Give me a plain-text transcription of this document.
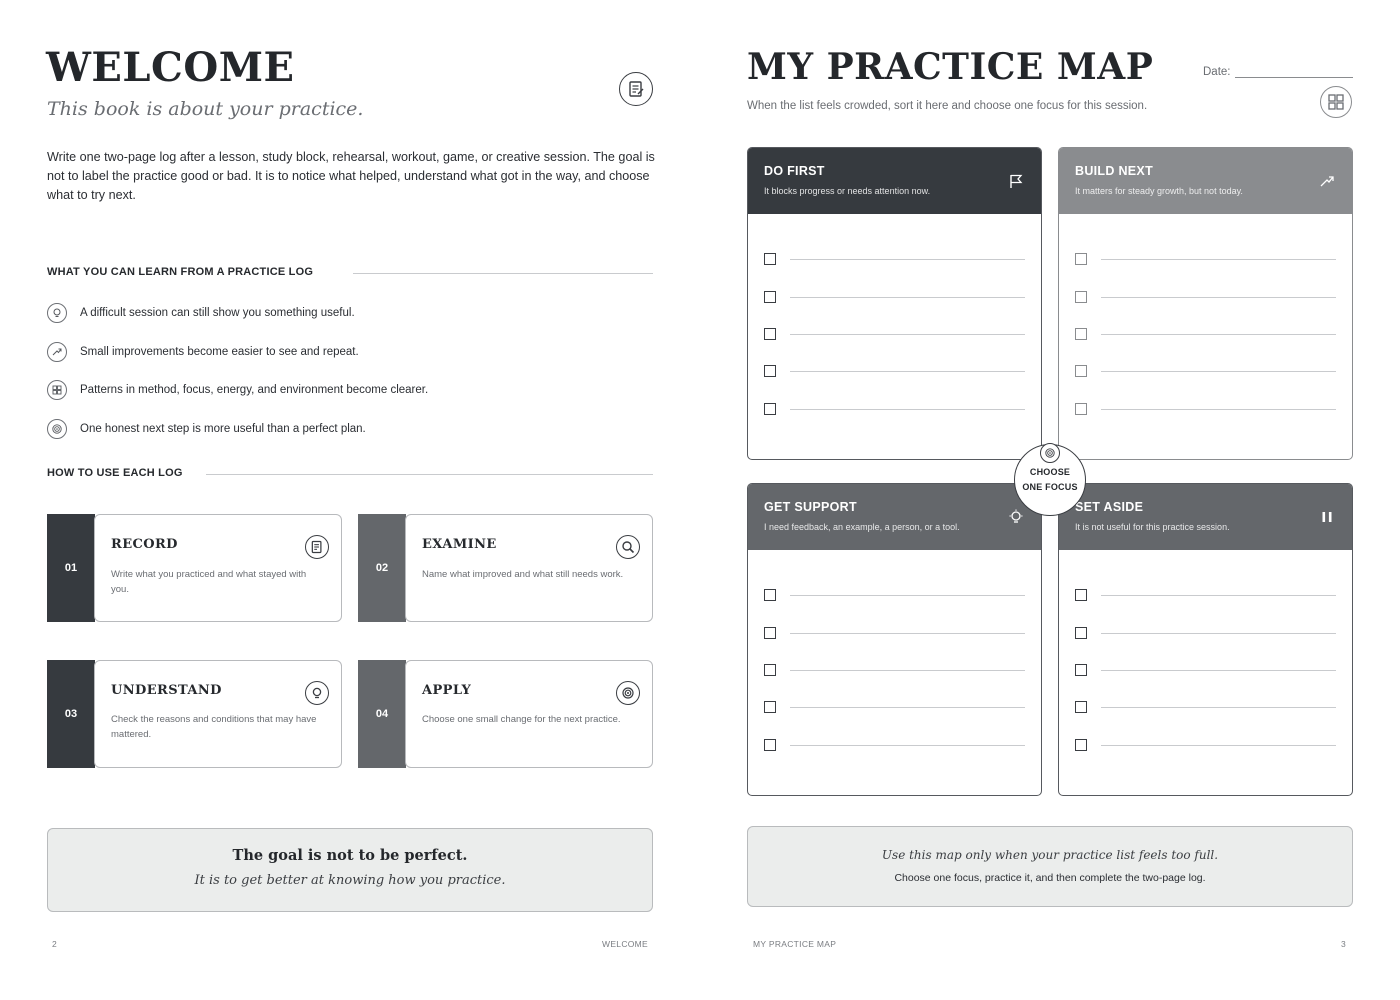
WELCOME
This book is about your practice.
Write one two-page log after a lesson, study block, rehearsal, workout, game, or creative session. The goal is not to label the practice good or bad. It is to notice what helped, understand what got in the way, and choose what to try next.
WHAT YOU CAN LEARN FROM A PRACTICE LOG
A difficult session can still show you something useful.
Small improvements become easier to see and repeat.
Patterns in method, focus, energy, and environment become clearer.
One honest next step is more useful than a perfect plan.
HOW TO USE EACH LOG
01
RECORD
Write what you practiced and what stayed with you.
02
EXAMINE
Name what improved and what still needs work.
03
UNDERSTAND
Check the reasons and conditions that may have mattered.
04
APPLY
Choose one small change for the next practice.
The goal is not to be perfect.
It is to get better at knowing how you practice.
2	WELCOME
MY PRACTICE MAP	Date:
When the list feels crowded, sort it here and choose one focus for this session.
DO FIRST
It blocks progress or needs attention now.
BUILD NEXT
It matters for steady growth, but not today.
GET SUPPORT
I need feedback, an example, a person, or a tool.
SET ASIDE
It is not useful for this practice session.
CHOOSE
ONE FOCUS
Use this map only when your practice list feels too full.
Choose one focus, practice it, and then complete the two-page log.
MY PRACTICE MAP	3
